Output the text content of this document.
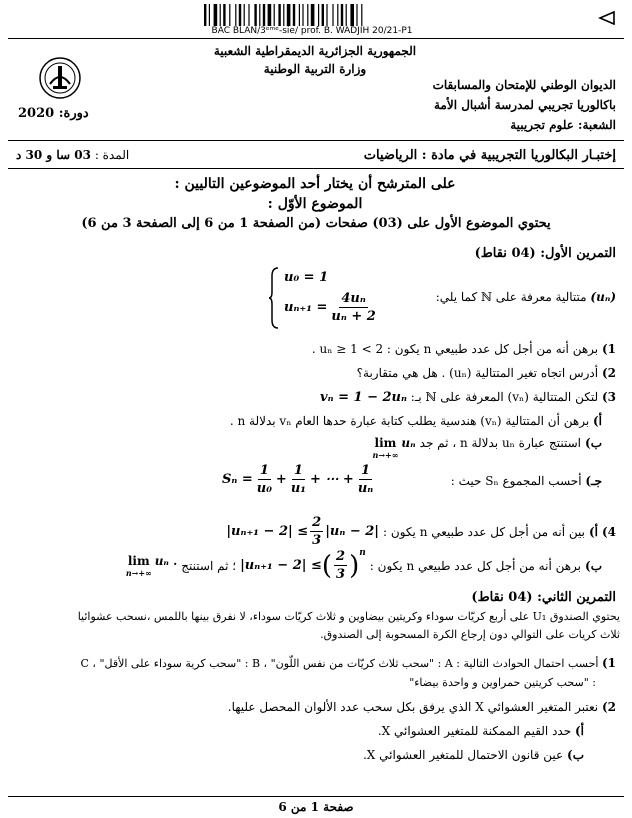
BAC BLAN/3ᵉᵐᵉ-sie/ prof. B. WADJIH 20/21-P1
الجمهورية الجزائرية الديمقراطية الشعبية
وزارة التربية الوطنية
الديوان الوطني للإمتحان والمسابقات
باكالوريا تجريبي لمدرسة أشبال الأمة
الشعبة: علوم تجريبية
2020 دورة:
إختبـار البكالوريا التجريبية في مادة : الرياضيات
المدة : 03 سا و 30 د
على المترشح أن يختار أحد الموضوعين التاليين :
الموضوع الأوّل :
يحتوي الموضوع الأول على (03) صفحات (من الصفحة 1 من 6 إلى الصفحة 3 من 6)
التمرين الأول: (04 نقاط)
(uₙ) متتالية معرفة على ℕ كما يلي:
u₀ = 1
$u_{n+1} = \frac{\text{4uₙ}}{\text{uₙ + 2}}$
1) برهن أنه من أجل كل عدد طبيعي n يكون : 2 > uₙ ≥ 1 .
2) أدرس اتجاه تغير المتتالية (uₙ) . هل هي متقاربة؟
3) لتكن المتتالية (vₙ) المعرفة على ℕ بـ: vₙ = 1 − 2uₙ
أ) برهن أن المتتالية (vₙ) هندسية يطلب كتابة عبارة حدها العام vₙ بدلالة n .
ب)
استنتج عبارة uₙ بدلالة n ، ثم جد
lim
n→+∞
uₙ
جـ) أحسب المجموع Sₙ حيث :
$S_n = \frac{1}{\text{u₀}} + \frac{1}{\text{u₁}}$ + ⋯ + $\frac{1}{\text{uₙ}}$
4)
أ)
بين أنه من أجل كل عدد طبيعي n يكون :
$|u_{n+1} - 2| \le \frac{2}{3} |u_n - 2|$
ب)
برهن أنه من أجل كل عدد طبيعي n يكون :
|uₙ₊₁ − 2| ≤ ( $\frac{2}{3}$ ) n
؛ ثم استنتج
lim
n→+∞
uₙ .
التمرين الثاني: (04 نقاط)
يحتوي الصندوق U₁ على أربع كريّات سوداء وكريتين بيضاوين و ثلاث كريّات سوداء، لا نفرق بينها باللمس ،نسحب عشوائيا
ثلاث كريات على التوالي دون إرجاع الكرة المسحوبة إلى الصندوق.
1) أحسب احتمال الحوادث التالية : A : "سحب ثلاث كريّات من نفس اللّون" ، B : "سحب كرية سوداء على الأقل" ، C
: "سحب كريتين حمراوين و واحدة بيضاء"
2) نعتبر المتغير العشوائي X الذي يرفق بكل سحب عدد الألوان المحصل عليها.
أ) حدد القيم الممكنة للمتغير العشوائي X.
ب) عين قانون الاحتمال للمتغير العشوائي X.
صفحة 1 من 6
